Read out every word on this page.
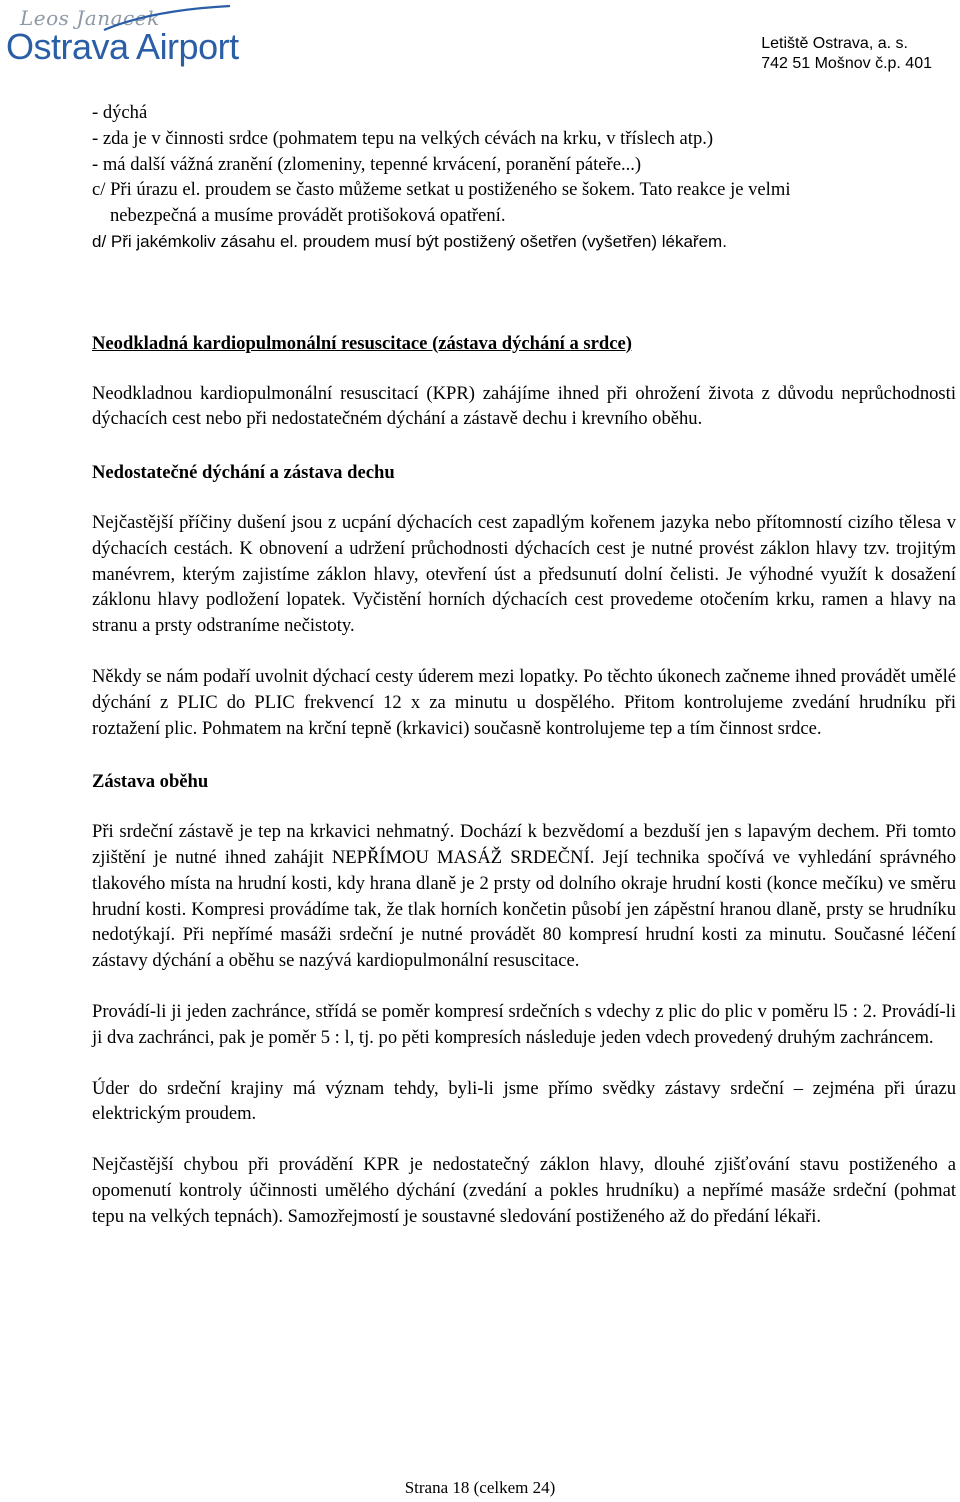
Leos Janacek
Ostrava Airport	Letiště Ostrava, a. s.
742 51 Mošnov č.p. 401

- dýchá

- zda je v činnosti srdce (pohmatem tepu na velkých cévách na krku, v tříslech atp.)

- má další vážná zranění (zlomeniny, tepenné krvácení, poranění páteře...)

c/ Při úrazu el. proudem se často můžeme setkat u postiženého se šokem. Tato reakce je velmi

nebezpečná a musíme provádět protišoková opatření.

d/ Při jakémkoliv zásahu el. proudem musí být postižený ošetřen (vyšetřen) lékařem.

Neodkladná kardiopulmonální resuscitace (zástava dýchání a srdce)

Neodkladnou kardiopulmonální resuscitací (KPR) zahájíme ihned při ohrožení života z důvodu neprůchodnosti dýchacích cest nebo při nedostatečném dýchání a zástavě dechu i krevního oběhu.

Nedostatečné dýchání a zástava dechu

Nejčastější příčiny dušení jsou z ucpání dýchacích cest zapadlým kořenem jazyka nebo přítomností cizího tělesa v dýchacích cestách. K obnovení a udržení průchodnosti dýchacích cest je nutné provést záklon hlavy tzv. trojitým manévrem, kterým zajistíme záklon hlavy, otevření úst a předsunutí dolní čelisti. Je výhodné využít k dosažení záklonu hlavy podložení lopatek. Vyčistění horních dýchacích cest provedeme otočením krku, ramen a hlavy na stranu a prsty odstraníme nečistoty.

Někdy se nám podaří uvolnit dýchací cesty úderem mezi lopatky. Po těchto úkonech začneme ihned provádět umělé dýchání z PLIC do PLIC frekvencí 12 x za minutu u dospělého. Přitom kontrolujeme zvedání hrudníku při roztažení plic. Pohmatem na krční tepně (krkavici) současně kontrolujeme tep a tím činnost srdce.

Zástava oběhu

Při srdeční zástavě je tep na krkavici nehmatný. Dochází k bezvědomí a bezduší jen s lapavým dechem. Při tomto zjištění je nutné ihned zahájit NEPŘÍMOU MASÁŽ SRDEČNÍ. Její technika spočívá ve vyhledání správného tlakového místa na hrudní kosti, kdy hrana dlaně je 2 prsty od dolního okraje hrudní kosti (konce mečíku) ve směru hrudní kosti. Kompresi provádíme tak, že tlak horních končetin působí jen zápěstní hranou dlaně, prsty se hrudníku nedotýkají. Při nepřímé masáži srdeční je nutné provádět 80 kompresí hrudní kosti za minutu. Současné léčení zástavy dýchání a oběhu se nazývá kardiopulmonální resuscitace.

Provádí-li ji jeden zachránce, střídá se poměr kompresí srdečních s vdechy z plic do plic v poměru l5 : 2. Provádí-li ji dva zachránci, pak je poměr 5 : l, tj. po pěti kompresích následuje jeden vdech provedený druhým zachráncem.

Úder do srdeční krajiny má význam tehdy, byli-li jsme přímo svědky zástavy srdeční – zejména při úrazu elektrickým proudem.

Nejčastější chybou při provádění KPR je nedostatečný záklon hlavy, dlouhé zjišťování stavu postiženého a opomenutí kontroly účinnosti umělého dýchání (zvedání a pokles hrudníku) a nepřímé masáže srdeční (pohmat tepu na velkých tepnách). Samozřejmostí je soustavné sledování postiženého až do předání lékaři.

Strana 18 (celkem 24)
